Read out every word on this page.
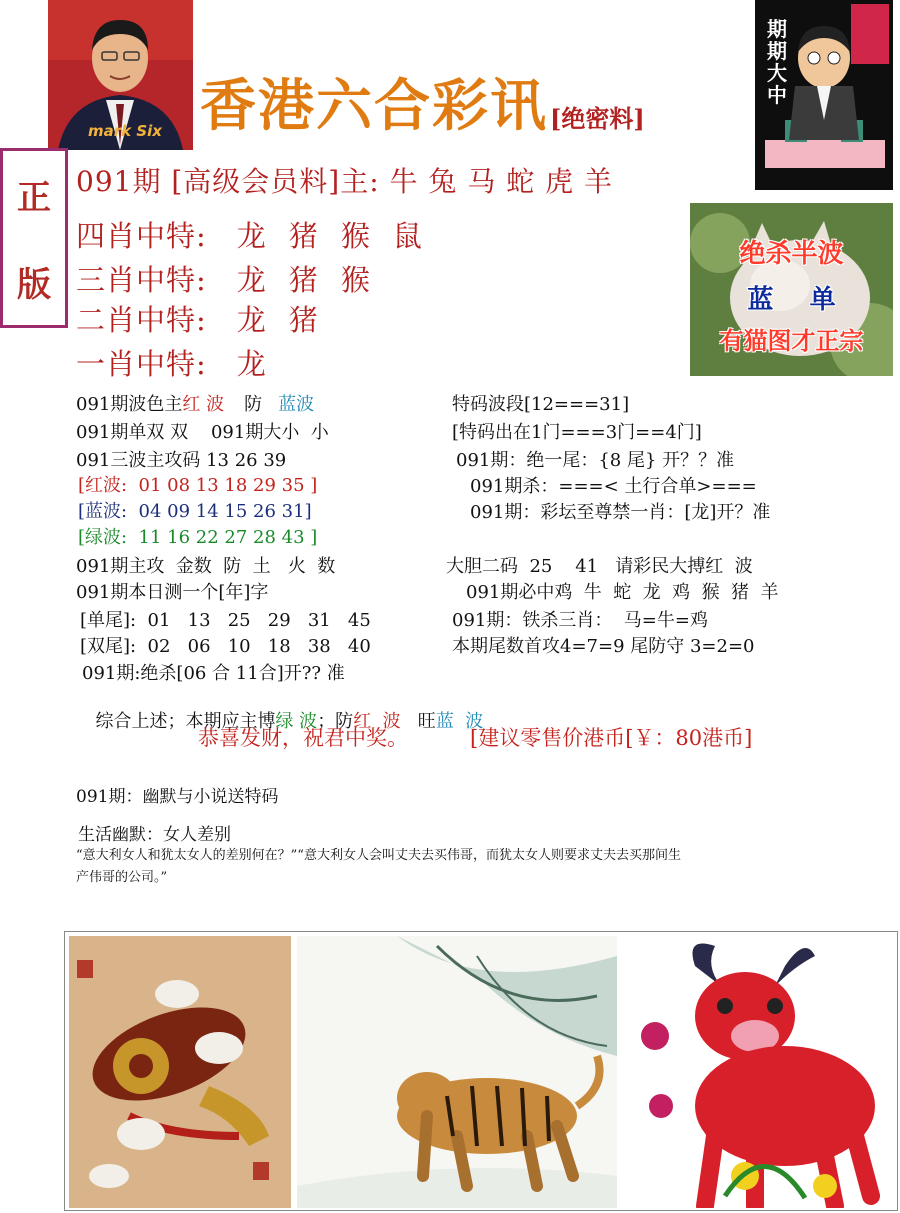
mark Six 香港六合彩讯[绝密料]
期
期
大
中
正
版
091期 [高级会员料]主: 牛 兔 马 蛇 虎 羊
四肖中特: 龙 猪 猴 鼠
三肖中特: 龙 猪 猴
二肖中特: 龙 猪
一肖中特: 龙
绝杀半波
蓝    单
有猫图才正宗
091期波色主红 波 防 蓝波
091期单双 双    091期大小  小
091三波主攻码 13 26 39
[红波:  01 08 13 18 29 35 ]
[蓝波:  04 09 14 15 26 31]
[绿波:  11 16 22 27 28 43 ]
091期主攻  金数  防  土   火  数
091期本日测一个[年]字
[单尾]:  01   13   25   29   31   45
[双尾]:  02   06   10   18   38   40
091期:绝杀[06 合 11合]开?? 准

综合上述；本期应主博绿 波；防红  波   旺蓝  波

特码波段[12===31]
[特码出在1门===3门==4门]
091期：绝一尾：{8 尾} 开？？准
091期杀：===< 土行合单>===
091期：彩坛至尊禁一肖：[龙]开？准
大胆二码  25    41   请彩民大搏红  波
091期必中鸡  牛  蛇  龙  鸡  猴  猪  羊
091期：铁杀三肖：  马=牛=鸡
本期尾数首攻4=7=9 尾防守 3=2=0
恭喜发财，祝君中奖。	[建议零售价港币[￥：80港币]
091期：幽默与小说送特码
生活幽默：女人差别
“意大利女人和犹太女人的差别何在？”“意大利女人会叫丈夫去买伟哥，而犹太女人则要求丈夫去买那间生
产伟哥的公司。”
